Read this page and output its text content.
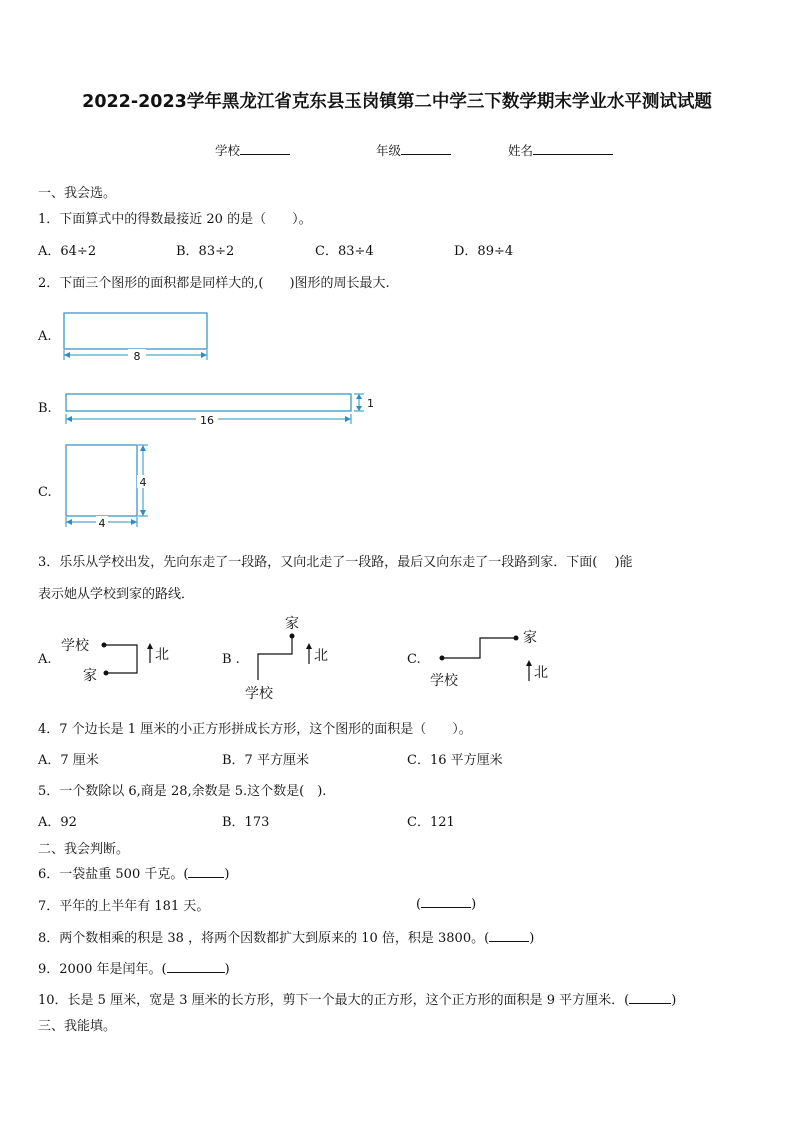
2022-2023学年黑龙江省克东县玉岗镇第二中学三下数学期末学业水平测试试题
学校	年级	姓名
一、我会选。
1．下面算式中的得数最接近 20 的是（　　）。
A．64÷2	B．83÷2	C．83÷4	D．89÷4
2．下面三个图形的面积都是同样大的,(　　)图形的周长最大.
A.
B.
C.
8
16
1
4
4
学校
家
北
家
学校
北
家
学校	北
3．乐乐从学校出发，先向东走了一段路，又向北走了一段路，最后又向东走了一段路到家．下面(　 )能
表示她从学校到家的路线．
A.	B .	C.
4．7 个边长是 1 厘米的小正方形拼成长方形，这个图形的面积是（　　）。
A．7 厘米	B．7 平方厘米	C．16 平方厘米
5．一个数除以 6,商是 28,余数是 5.这个数是(　).
A．92	B．173	C．121
二、我会判断。
6．一袋盐重 500 千克。(	)
7．平年的上半年有 181 天。	(	)
8．两个数相乘的积是 38 ，将两个因数都扩大到原来的 10 倍，积是 3800。(	)
9．2000 年是闰年。(	)
10．长是 5 厘米，宽是 3 厘米的长方形，剪下一个最大的正方形，这个正方形的面积是 9 平方厘米．(	)
三、我能填。
